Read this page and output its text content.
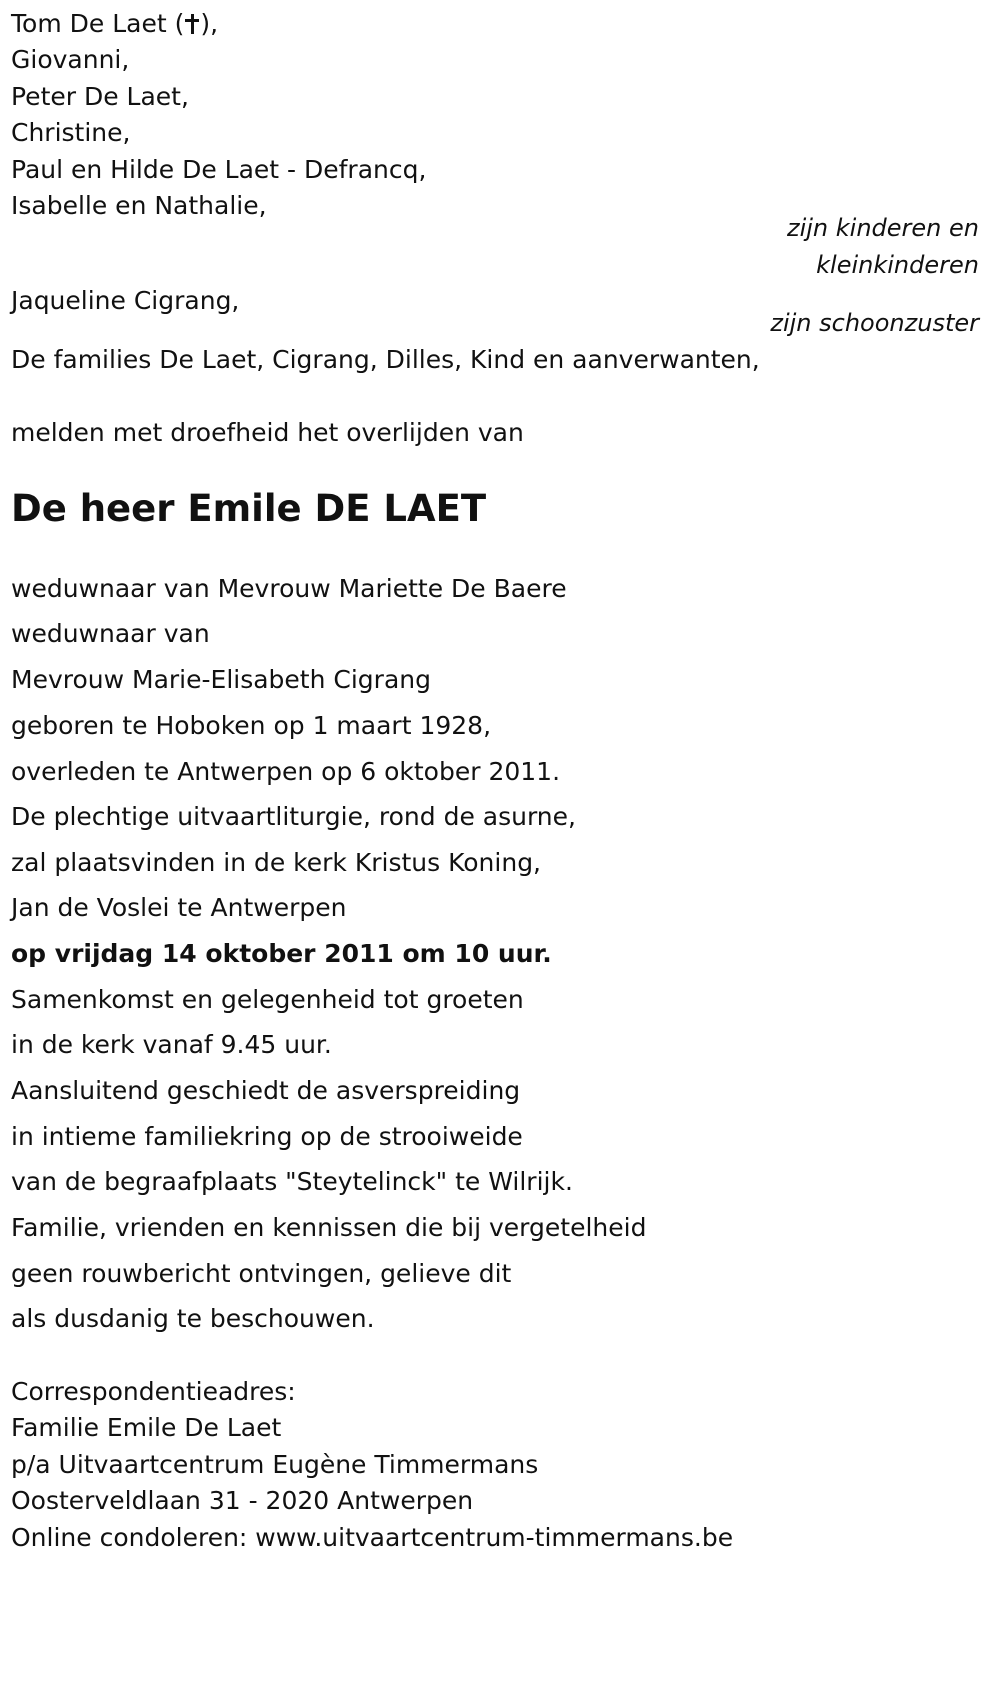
Tom De Laet ( ),
Giovanni,
Peter De Laet,
Christine,
Paul en Hilde De Laet - Defrancq,
Isabelle en Nathalie,
zijn kinderen en
kleinkinderen
Jaqueline Cigrang,
zijn schoonzuster
De families De Laet, Cigrang, Dilles, Kind en aanverwanten,
melden met droefheid het overlijden van
De heer Emile DE LAET
weduwnaar van Mevrouw Mariette De Baere
weduwnaar van
Mevrouw Marie-Elisabeth Cigrang
geboren te Hoboken op 1 maart 1928,
overleden te Antwerpen op 6 oktober 2011.
De plechtige uitvaartliturgie, rond de asurne,
zal plaatsvinden in de kerk Kristus Koning,
Jan de Voslei te Antwerpen
op vrijdag 14 oktober 2011 om 10 uur.
Samenkomst en gelegenheid tot groeten
in de kerk vanaf 9.45 uur.
Aansluitend geschiedt de asverspreiding
in intieme familiekring op de strooiweide
van de begraafplaats "Steytelinck" te Wilrijk.
Familie, vrienden en kennissen die bij vergetelheid
geen rouwbericht ontvingen, gelieve dit
als dusdanig te beschouwen.
Correspondentieadres:
Familie Emile De Laet
p/a Uitvaartcentrum Eugène Timmermans
Oosterveldlaan 31 - 2020 Antwerpen
Online condoleren: www.uitvaartcentrum-timmermans.be
